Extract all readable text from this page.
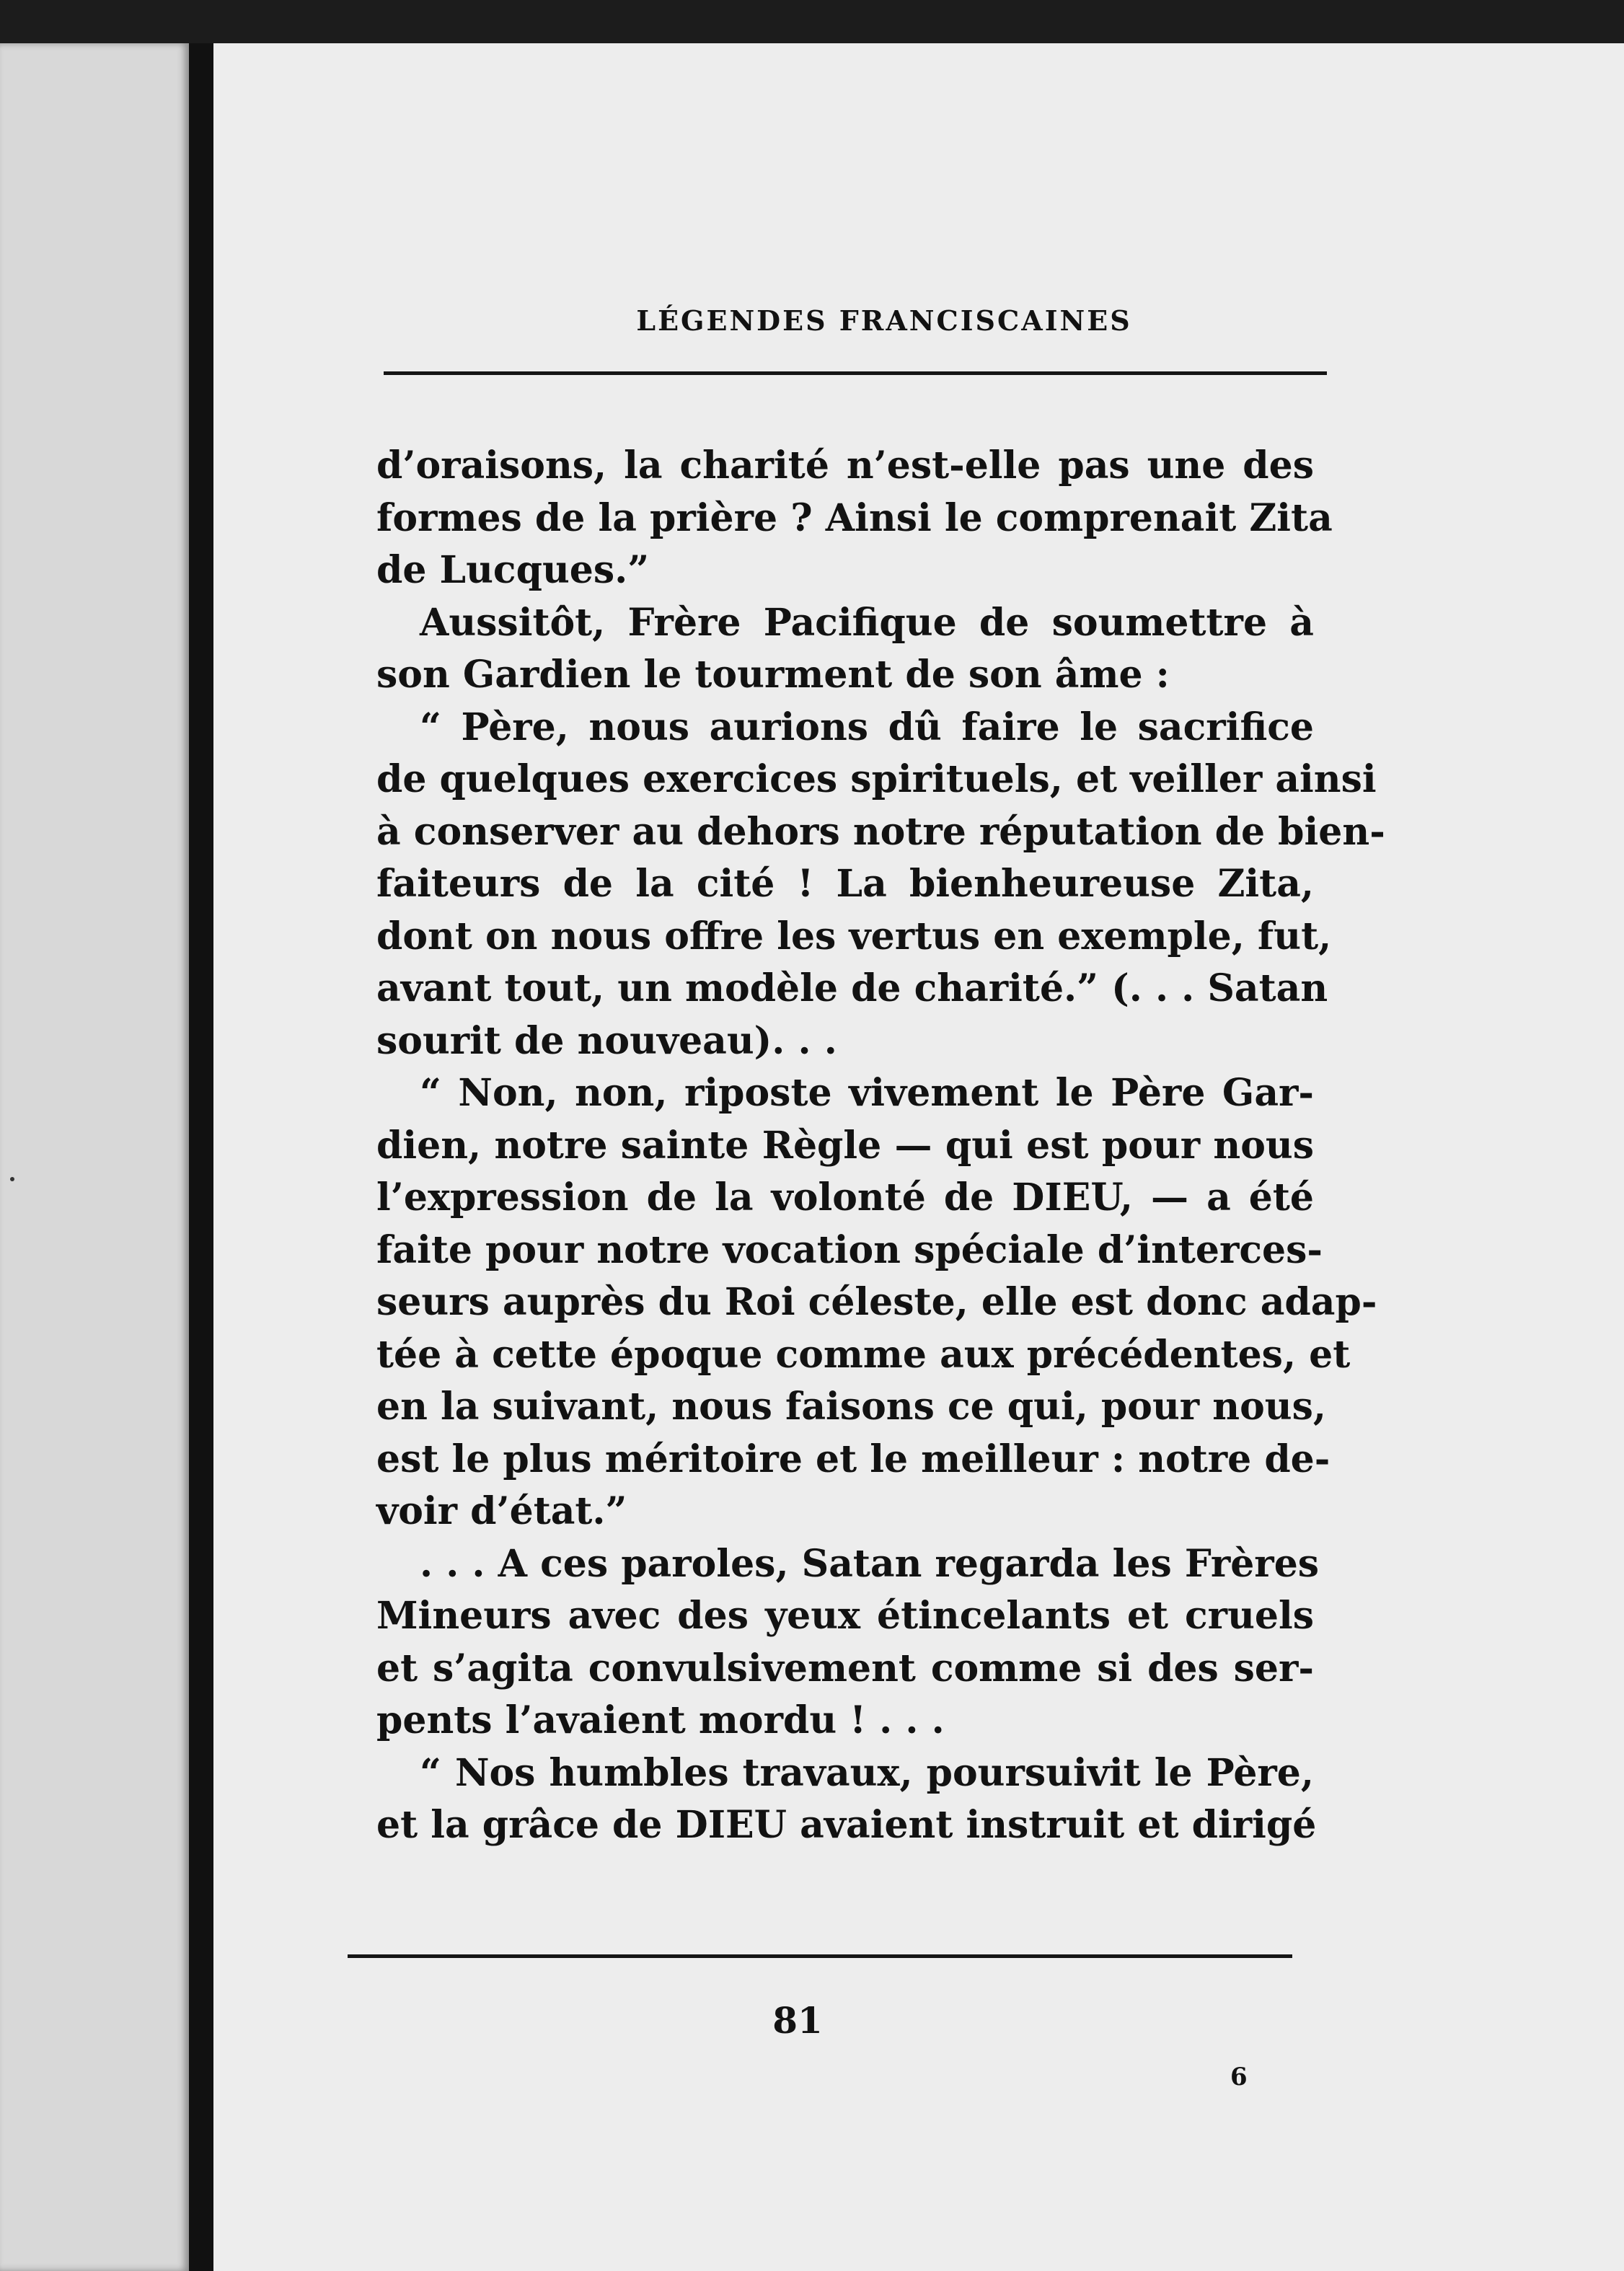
LÉGENDES FRANCISCAINES
d’oraisons, la charité n’est-elle pas une des
formes de la prière ? Ainsi le comprenait Zita
de Lucques.”
Aussitôt, Frère Pacifique de soumettre à
son Gardien le tourment de son âme :
“ Père, nous aurions dû faire le sacrifice
de quelques exercices spirituels, et veiller ainsi
à conserver au dehors notre réputation de bien-
faiteurs de la cité ! La bienheureuse Zita,
dont on nous offre les vertus en exemple, fut,
avant tout, un modèle de charité.” (. . . Satan
sourit de nouveau). . .
“ Non, non, riposte vivement le Père Gar-
dien, notre sainte Règle — qui est pour nous
l’expression de la volonté de DIEU, — a été
faite pour notre vocation spéciale d’interces-
seurs auprès du Roi céleste, elle est donc adap-
tée à cette époque comme aux précédentes, et
en la suivant, nous faisons ce qui, pour nous,
est le plus méritoire et le meilleur : notre de-
voir d’état.”
. . . A ces paroles, Satan regarda les Frères
Mineurs avec des yeux étincelants et cruels
et s’agita convulsivement comme si des ser-
pents l’avaient mordu ! . . .
“ Nos humbles travaux, poursuivit le Père,
et la grâce de DIEU avaient instruit et dirigé
81
6
